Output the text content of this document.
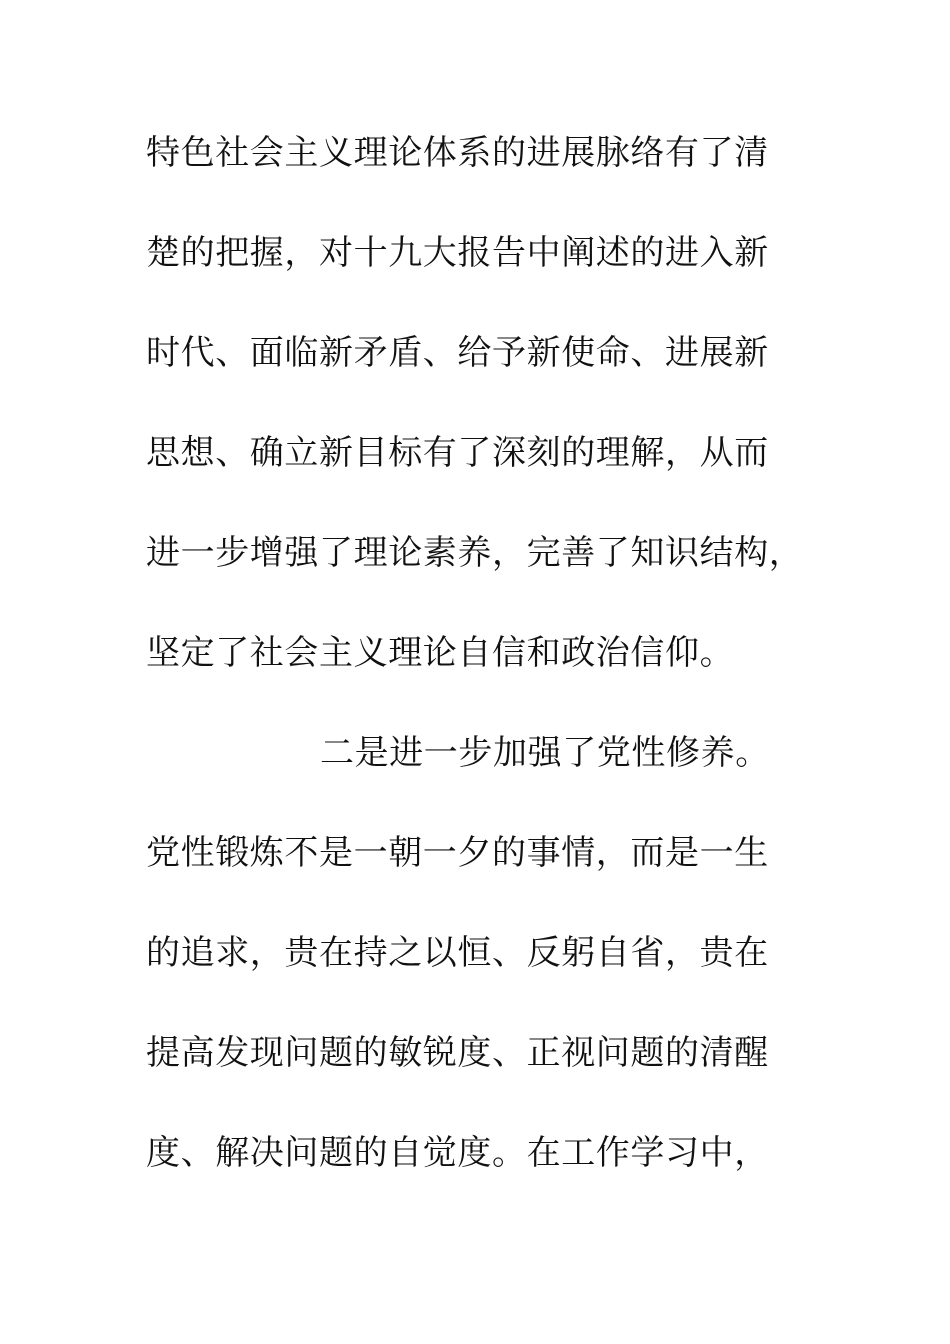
特色社会主义理论体系的进展脉络有了清

楚的把握，对十九大报告中阐述的进入新

时代、面临新矛盾、给予新使命、进展新

思想、确立新目标有了深刻的理解，从而

进一步增强了理论素养，完善了知识结构，

坚定了社会主义理论自信和政治信仰。

二是进一步加强了党性修养。

党性锻炼不是一朝一夕的事情，而是一生

的追求，贵在持之以恒、反躬自省，贵在

提高发现问题的敏锐度、正视问题的清醒

度、解决问题的自觉度。在工作学习中，
